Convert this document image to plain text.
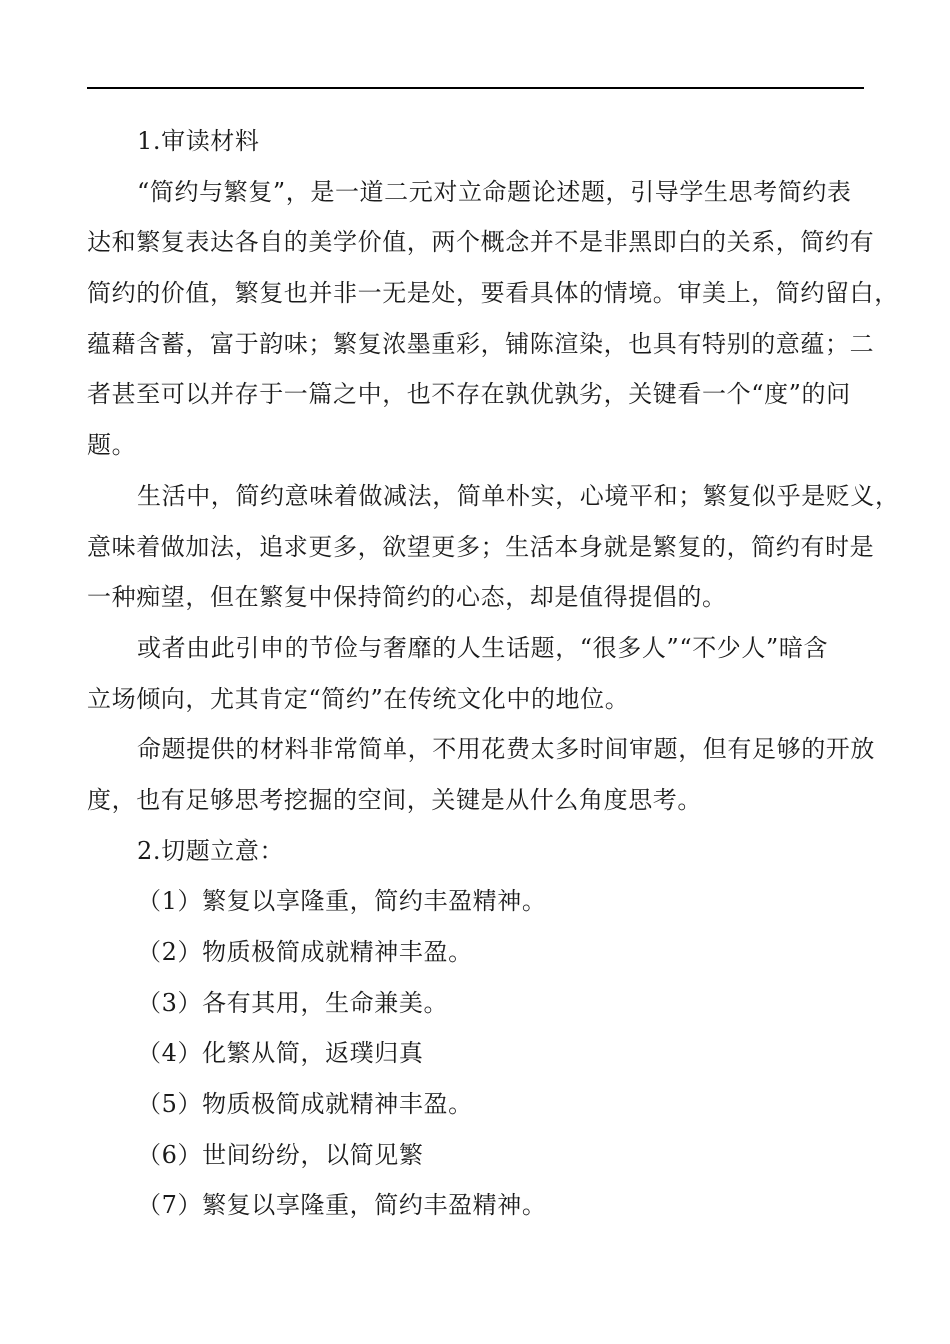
1.审读材料
“简约与繁复”，是一道二元对立命题论述题，引导学生思考简约表
达和繁复表达各自的美学价值，两个概念并不是非黑即白的关系，简约有
简约的价值，繁复也并非一无是处，要看具体的情境。审美上，简约留白，
蕴藉含蓄，富于韵味；繁复浓墨重彩，铺陈渲染，也具有特别的意蕴；二
者甚至可以并存于一篇之中，也不存在孰优孰劣，关键看一个“度”的问
题。
生活中，简约意味着做减法，简单朴实，心境平和；繁复似乎是贬义，
意味着做加法，追求更多，欲望更多；生活本身就是繁复的，简约有时是
一种痴望，但在繁复中保持简约的心态，却是值得提倡的。
或者由此引申的节俭与奢靡的人生话题，“很多人”“不少人”暗含
立场倾向，尤其肯定“简约”在传统文化中的地位。
命题提供的材料非常简单，不用花费太多时间审题，但有足够的开放
度，也有足够思考挖掘的空间，关键是从什么角度思考。
2.切题立意：
（1）繁复以享隆重，简约丰盈精神。
（2）物质极简成就精神丰盈。
（3）各有其用，生命兼美。
（4）化繁从简，返璞归真
（5）物质极简成就精神丰盈。
（6）世间纷纷，以简见繁
（7）繁复以享隆重，简约丰盈精神。
